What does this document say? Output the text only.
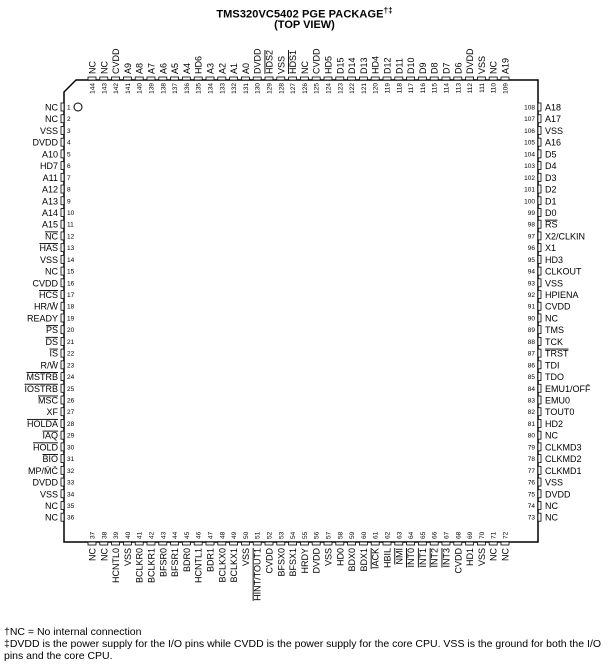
TMS320VC5402 PGE PACKAGE†‡
(TOP VIEW)
1
NC
2
NC
3
VSS
4
DVDD
5
A10
6
HD7
7
A11
8
A12
9
A13
10
A14
11
A15
12
NC
13
HAS
14
VSS
15
NC
16
CVDD
17
HCS
18
HR/W̄
19
READY
20
PS
21
DS
22
IS
23
R/W̄
24
MSTRB
25
IOSTRB
26
MSC
27
XF
28
HOLDA
29
IAQ
30
HOLD
31
BIO
32
MP/M̄C̄
33
DVDD
34
VSS
35
NC
36
NC
108 A18
107 A17
106 VSS
105 A16
104 D5
103 D4
102 D3
101 D2
100 D1
99 D0
98 RS
97 X2/CLKIN
96 X1
95 HD3
94 CLKOUT
93 VSS
92 HPIENA
91 CVDD
90 NC
89 TMS
88 TCK
87 TRST
86 TDI
85 TDO
84 EMU1/OFF̄
83 EMU0
82 TOUT0
81 HD2
80 NC
79 CLKMD3
78 CLKMD2
77 CLKMD1
76 VSS
75 DVDD
74 NC
73 NC
144
NC
143
NC
142
CVDD
141
A9
140
A8
139
A7
138
A6
137
A5
136
A4
135
HD6
134
A3
133
A2
132
A1
131
A0
130
DVDD
129
HDS2
128
VSS
127
HDS1
126
NC
125
CVDD
124
HD5
123
D15
122
D14
121
D13
120
HD4
119
D12
118
D11
117
D10
116
D9
115
D8
114
D7
113
D6
112
DVDD
111
VSS
110
NC
109
A19
37
NC
38
NC
39
HCNTL0
40
VSS
41
BCLKR0
42
BCLKR1
43
BFSR0
44
BFSR1
45
BDR0
46
HCNTL1
47
BDR1
48
BCLKX0
49
BCLKX1
50
VSS
51
HINT/TOUT1
52
CVDD
53
BFSX0
54
BFSX1
55
HRDY
56
DVDD
57
VSS
58
HD0
59
BDX0
60
BDX1
61
IACK
62
HBIL
63
NMI
64
INT0
65
INT1
66
INT2
67
INT3
68
CVDD
69
HD1
70
VSS
71
NC
72
NC
†NC = No internal connection
‡DVDD is the power supply for the I/O pins while CVDD is the power supply for the core CPU. VSS is the ground for both the I/O pins and the core CPU.
